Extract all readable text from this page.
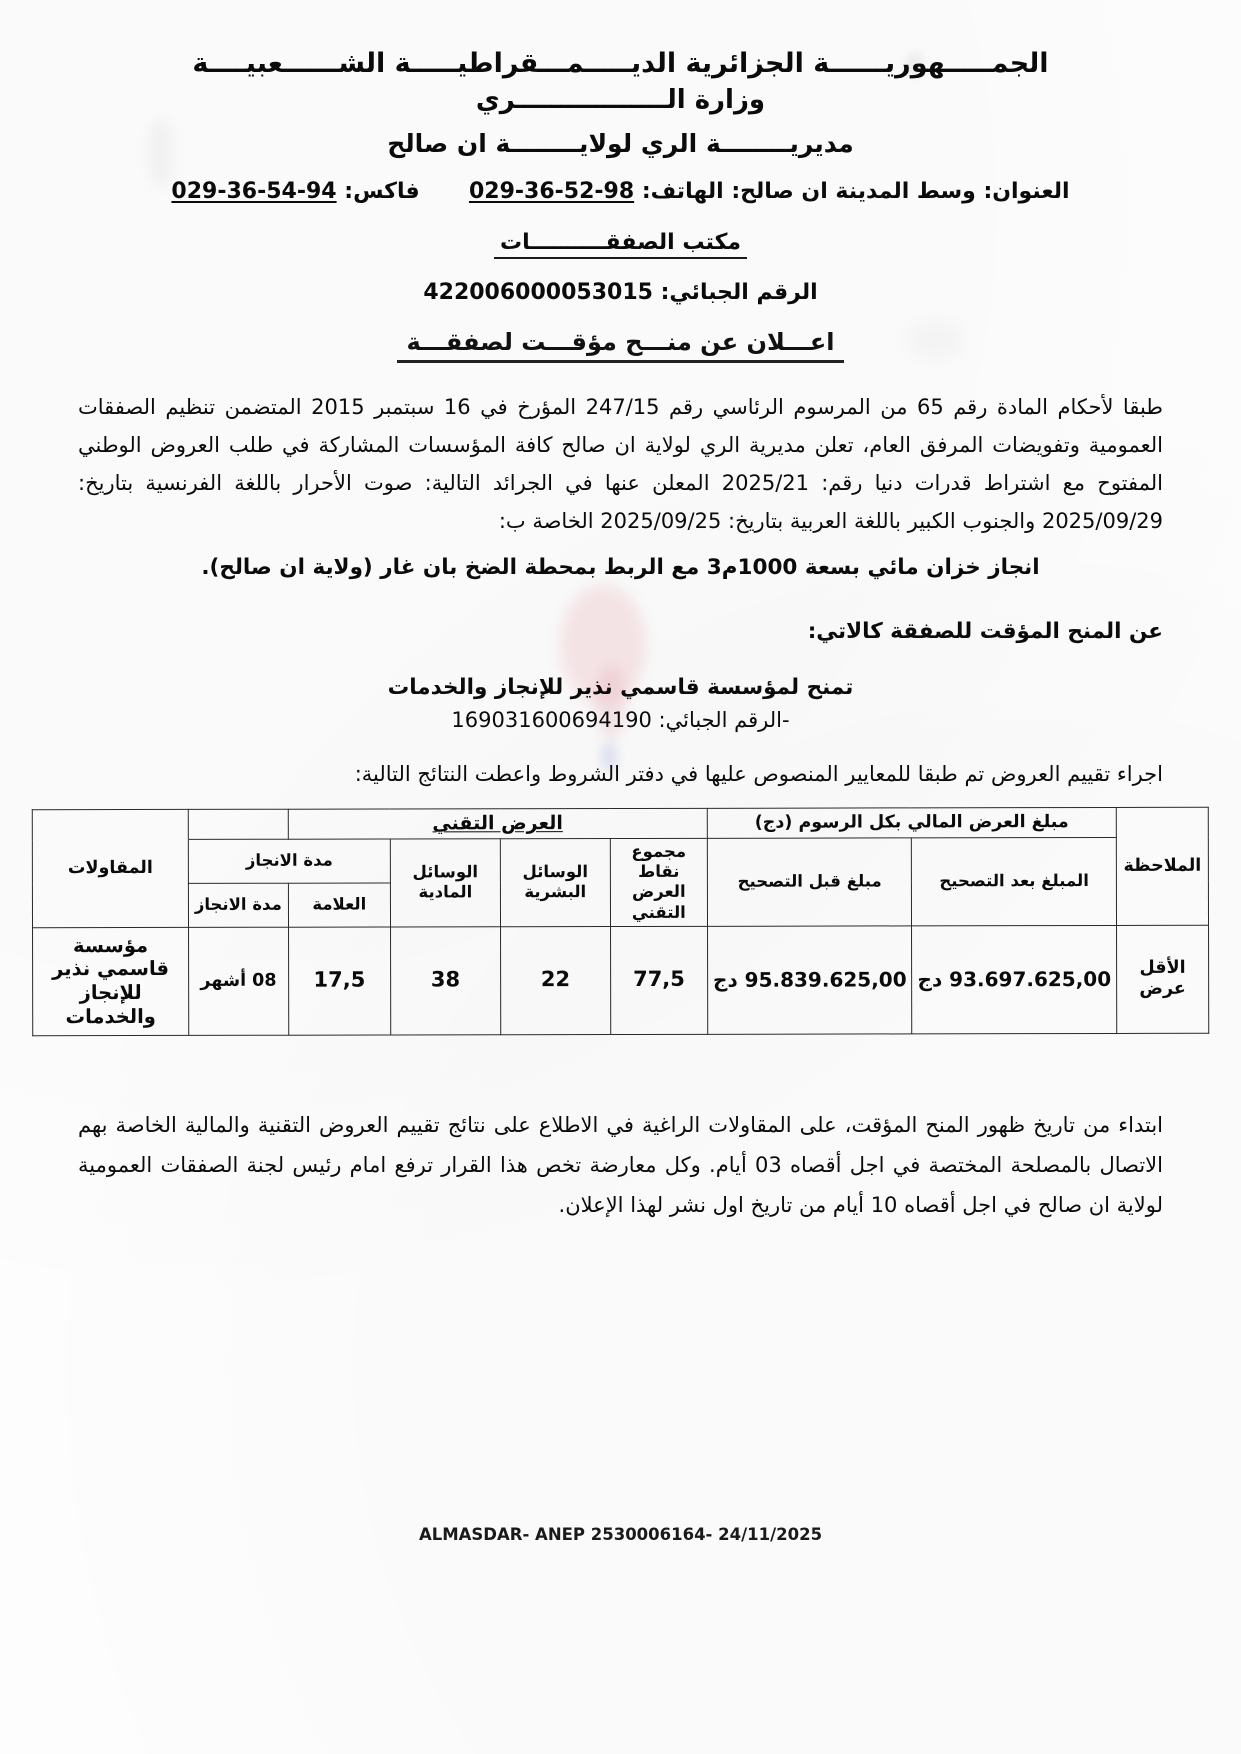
الجمـــــهوريــــــة الجزائرية الديـــــمـــقراطيـــــة الشــــــعبيــــة
وزارة الـــــــــــــــــري
مديريــــــــة الري لولايــــــــة ان صالح
العنوان: وسط المدينة ان صالح: الهاتف: 029-36-52-98  فاكس: 029-36-54-94
مكتب الصفقــــــــــات
الرقم الجبائي: 422006000053015
اعـــلان عن منـــح مؤقـــت لصفقـــة
طبقا لأحكام المادة رقم 65 من المرسوم الرئاسي رقم 247/15 المؤرخ في 16 سبتمبر 2015 المتضمن تنظيم الصفقات العمومية وتفويضات المرفق العام، تعلن مديرية الري لولاية ان صالح كافة المؤسسات المشاركة في طلب العروض الوطني المفتوح مع اشتراط قدرات دنيا رقم: 2025/21 المعلن عنها في الجرائد التالية: صوت الأحرار باللغة الفرنسية بتاريخ: 2025/09/29 والجنوب الكبير باللغة العربية بتاريخ: 2025/09/25 الخاصة ب:
انجاز خزان مائي بسعة 1000م3 مع الربط بمحطة الضخ بان غار (ولاية ان صالح).
عن المنح المؤقت للصفقة كالاتي:
تمنح لمؤسسة قاسمي نذير للإنجاز والخدمات
-الرقم الجبائي: 169031600694190
اجراء تقييم العروض تم طبقا للمعايير المنصوص عليها في دفتر الشروط واعطت النتائج التالية:
الملاحظة	مبلغ العرض المالي بكل الرسوم (دج)		العرض التقني					المقاولات
	المبلغ بعد التصحيح	مبلغ قبل التصحيح	مجموع نقاط العرض التقني	الوسائل البشرية	الوسائل المادية	مدة الانجاز		
						العلامة	مدة الانجاز	
الأقل عرض	93.697.625,00 دج	95.839.625,00 دج	77,5	22	38	17,5	08 أشهر	مؤسسة قاسمي نذير للإنجاز والخدمات
ابتداء من تاريخ ظهور المنح المؤقت، على المقاولات الراغية في الاطلاع على نتائج تقييم العروض التقنية والمالية الخاصة بهم الاتصال بالمصلحة المختصة في اجل أقصاه 03 أيام. وكل معارضة تخص هذا القرار ترفع امام رئيس لجنة الصفقات العمومية لولاية ان صالح في اجل أقصاه 10 أيام من تاريخ اول نشر لهذا الإعلان.
ALMASDAR- ANEP 2530006164- 24/11/2025
